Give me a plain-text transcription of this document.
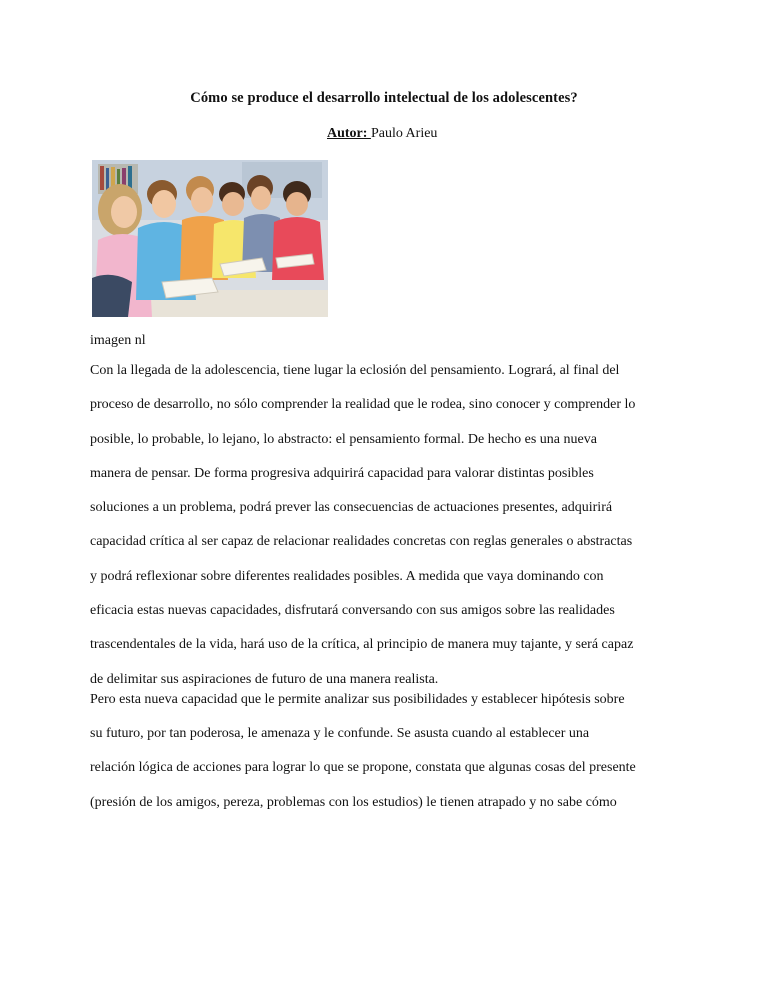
Cómo se produce el desarrollo intelectual de los adolescentes?
Autor: Paulo Arieu
imagen nl
Con la llegada de la adolescencia, tiene lugar la eclosión del pensamiento. Logrará, al final del
proceso de desarrollo, no sólo comprender la realidad que le rodea, sino conocer y comprender lo
posible, lo probable, lo lejano, lo abstracto: el pensamiento formal. De hecho es una nueva
manera de pensar. De forma progresiva adquirirá capacidad para valorar distintas posibles
soluciones a un problema, podrá prever las consecuencias de actuaciones presentes, adquirirá
capacidad crítica al ser capaz de relacionar realidades concretas con reglas generales o abstractas
y podrá reflexionar sobre diferentes realidades posibles. A medida que vaya dominando con
eficacia estas nuevas capacidades, disfrutará conversando con sus amigos sobre las realidades
trascendentales de la vida, hará uso de la crítica, al principio de manera muy tajante, y será capaz
de delimitar sus aspiraciones de futuro de una manera realista.
Pero esta nueva capacidad que le permite analizar sus posibilidades y establecer hipótesis sobre
su futuro, por tan poderosa, le amenaza y le confunde. Se asusta cuando al establecer una
relación lógica de acciones para lograr lo que se propone, constata que algunas cosas del presente
(presión de los amigos, pereza, problemas con los estudios) le tienen atrapado y no sabe cómo
